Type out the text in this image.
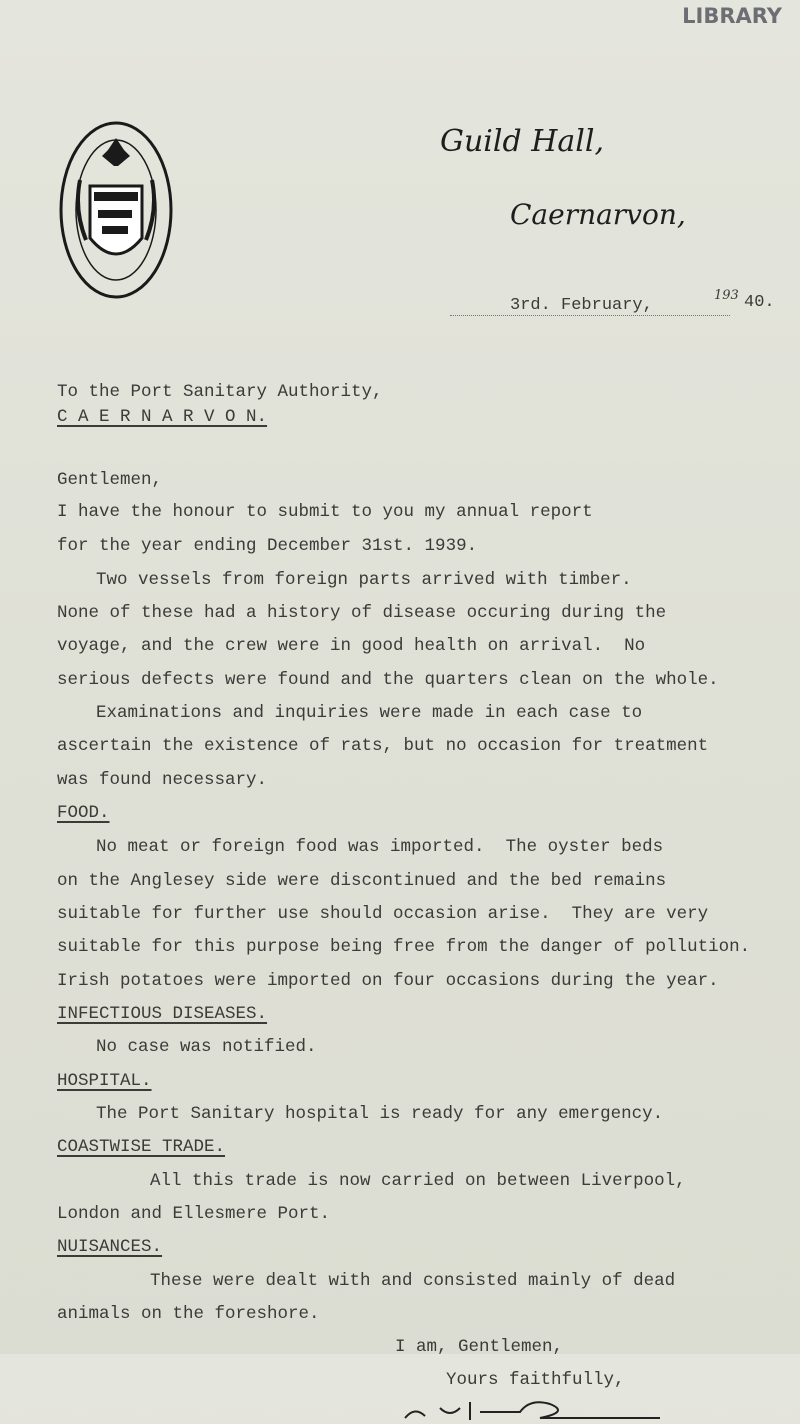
LIBRARY
Guild Hall,
Caernarvon,
3rd. February,
193 40.
To the Port Sanitary Authority,
C A E R N A R V O N.
Gentlemen,
I have the honour to submit to you my annual report
for the year ending December 31st. 1939.
Two vessels from foreign parts arrived with timber.
None of these had a history of disease occuring during the
voyage, and the crew were in good health on arrival.  No
serious defects were found and the quarters clean on the whole.
Examinations and inquiries were made in each case to
ascertain the existence of rats, but no occasion for treatment
was found necessary.
FOOD.
No meat or foreign food was imported.  The oyster beds
on the Anglesey side were discontinued and the bed remains
suitable for further use should occasion arise.  They are very
suitable for this purpose being free from the danger of pollution.
Irish potatoes were imported on four occasions during the year.
INFECTIOUS DISEASES.
No case was notified.
HOSPITAL.
The Port Sanitary hospital is ready for any emergency.
COASTWISE TRADE.
All this trade is now carried on between Liverpool,
London and Ellesmere Port.
NUISANCES.
These were dealt with and consisted mainly of dead
animals on the foreshore.
I am, Gentlemen,
Yours faithfully,
